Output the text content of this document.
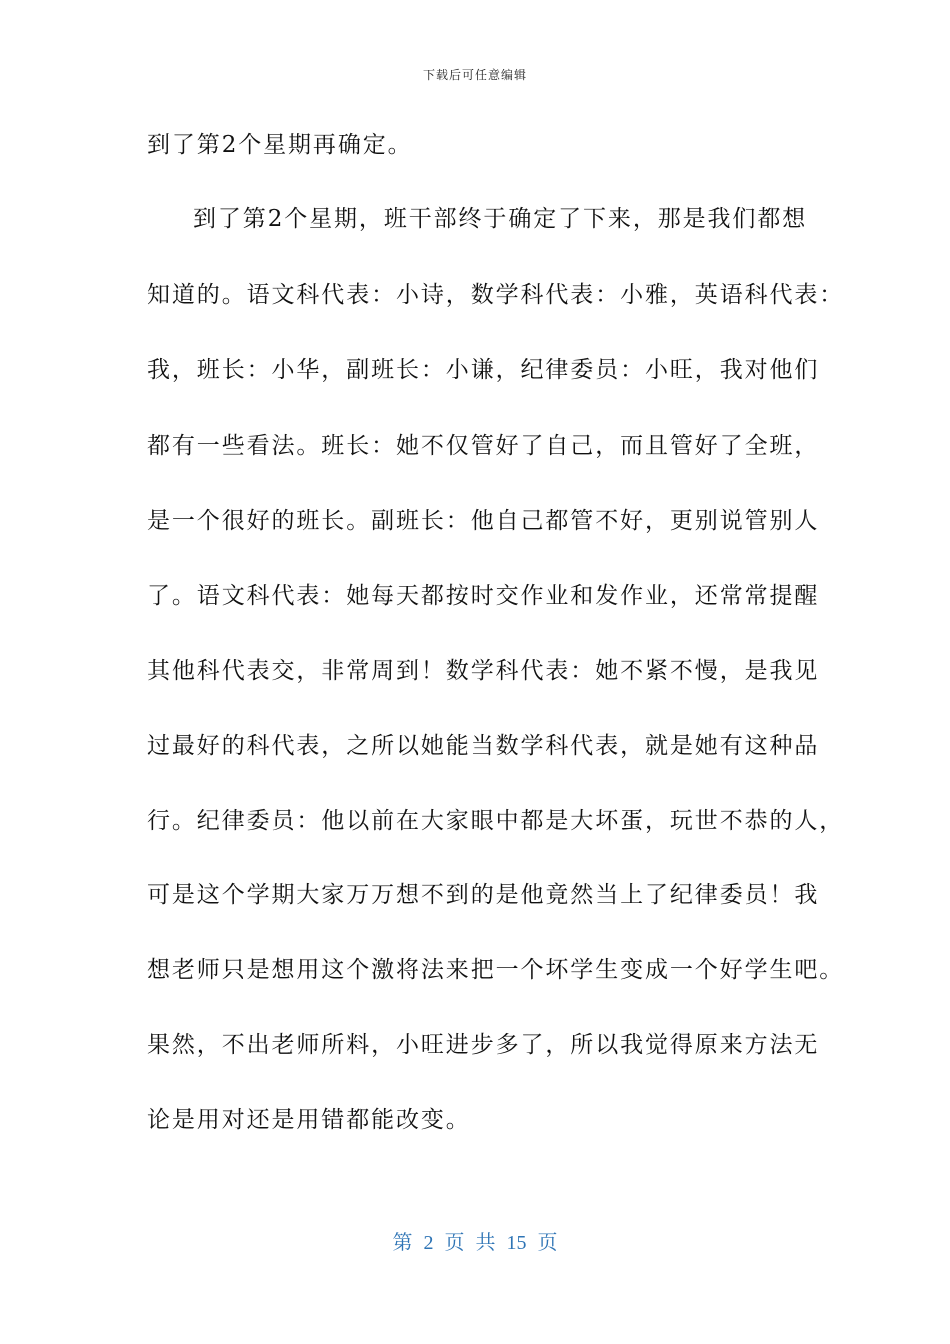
下载后可任意编辑
到了第2个星期再确定。
到了第2个星期，班干部终于确定了下来，那是我们都想
知道的。语文科代表：小诗，数学科代表：小雅，英语科代表：
我，班长：小华，副班长：小谦，纪律委员：小旺，我对他们
都有一些看法。班长：她不仅管好了自己，而且管好了全班，
是一个很好的班长。副班长：他自己都管不好，更别说管别人
了。语文科代表：她每天都按时交作业和发作业，还常常提醒
其他科代表交，非常周到！数学科代表：她不紧不慢，是我见
过最好的科代表，之所以她能当数学科代表，就是她有这种品
行。纪律委员：他以前在大家眼中都是大坏蛋，玩世不恭的人，
可是这个学期大家万万想不到的是他竟然当上了纪律委员！我
想老师只是想用这个激将法来把一个坏学生变成一个好学生吧。
果然，不出老师所料，小旺进步多了，所以我觉得原来方法无
论是用对还是用错都能改变。
第 2 页 共 15 页
